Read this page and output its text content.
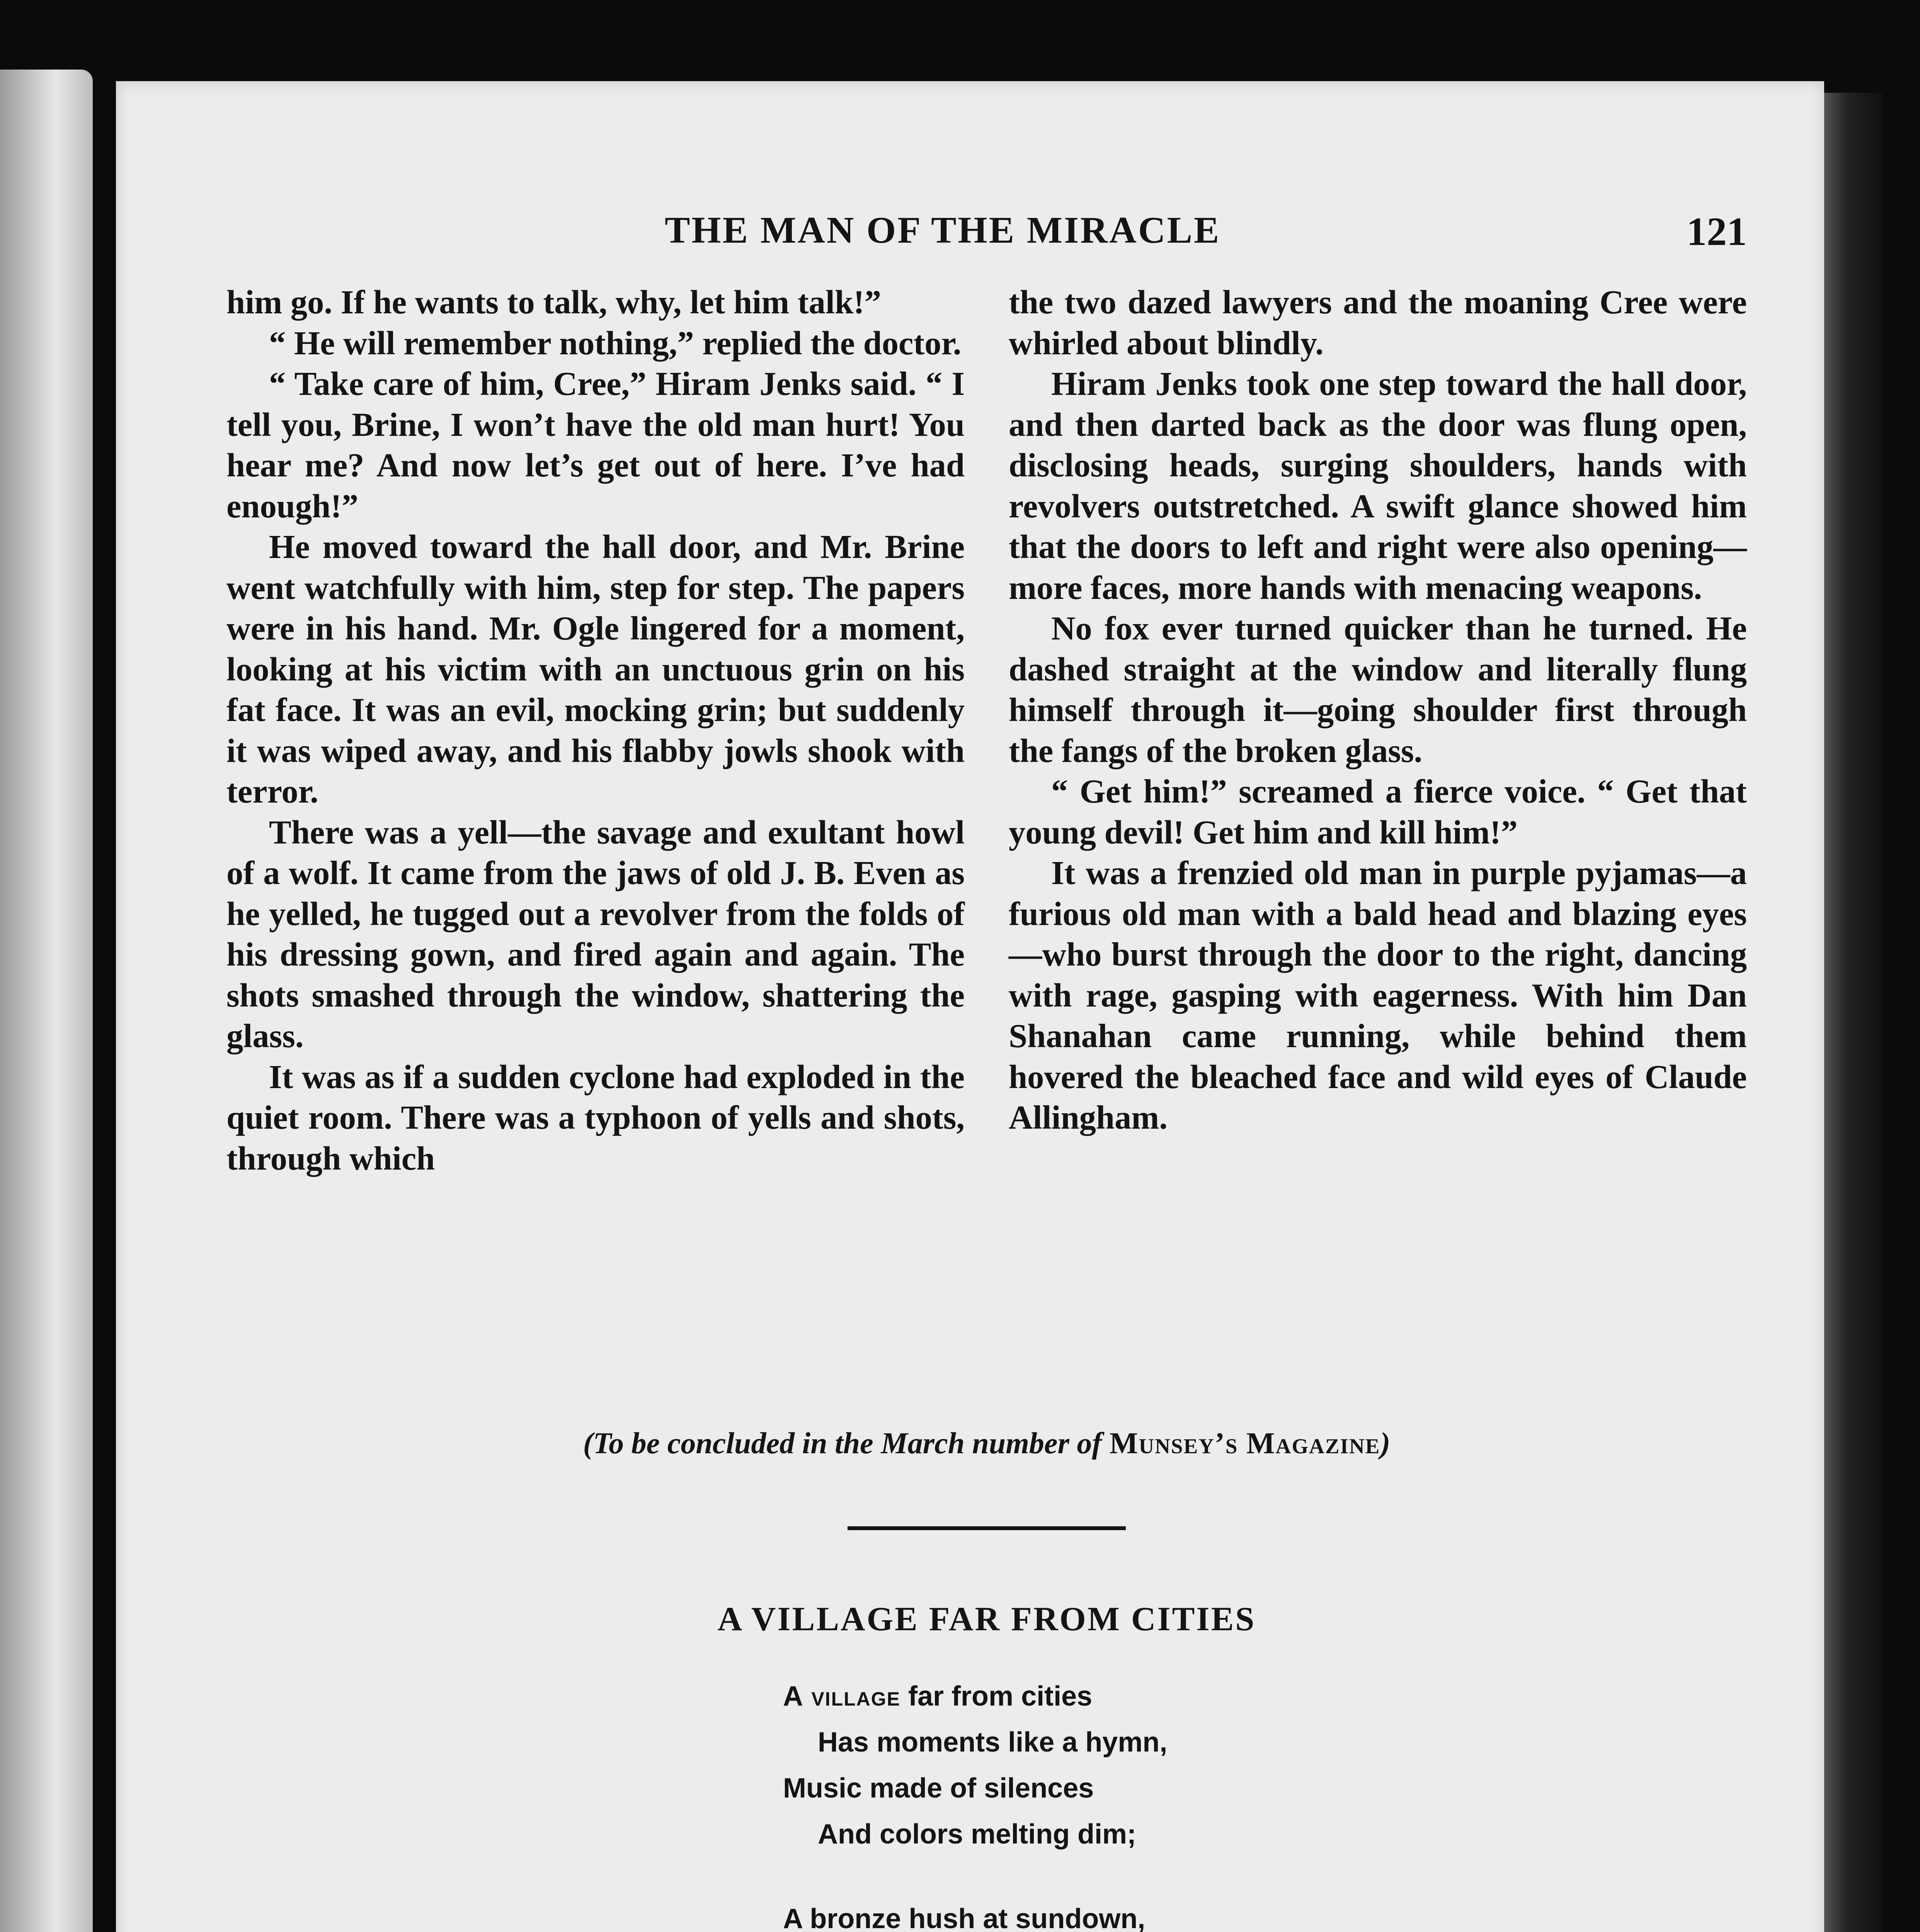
THE MAN OF THE MIRACLE	121

him go. If he wants to talk, why, let him talk!”

“ He will remember nothing,” replied the doctor.

“ Take care of him, Cree,” Hiram Jenks said. “ I tell you, Brine, I won’t have the old man hurt! You hear me? And now let’s get out of here. I’ve had enough!”

He moved toward the hall door, and Mr. Brine went watchfully with him, step for step. The papers were in his hand. Mr. Ogle lingered for a moment, looking at his victim with an unctuous grin on his fat face. It was an evil, mocking grin; but suddenly it was wiped away, and his flabby jowls shook with terror.

There was a yell—the savage and exultant howl of a wolf. It came from the jaws of old J. B. Even as he yelled, he tugged out a revolver from the folds of his dressing gown, and fired again and again. The shots smashed through the window, shattering the glass.

It was as if a sudden cyclone had exploded in the quiet room. There was a typhoon of yells and shots, through which

the two dazed lawyers and the moaning Cree were whirled about blindly.

Hiram Jenks took one step toward the hall door, and then darted back as the door was flung open, disclosing heads, surging shoulders, hands with revolvers outstretched. A swift glance showed him that the doors to left and right were also opening—more faces, more hands with menacing weapons.

No fox ever turned quicker than he turned. He dashed straight at the window and literally flung himself through it—going shoulder first through the fangs of the broken glass.

“ Get him!” screamed a fierce voice. “ Get that young devil! Get him and kill him!”

It was a frenzied old man in purple pyjamas—a furious old man with a bald head and blazing eyes—who burst through the door to the right, dancing with rage, gasping with eagerness. With him Dan Shanahan came running, while behind them hovered the bleached face and wild eyes of Claude Allingham.

(To be concluded in the March number of Munsey’s Magazine)
A VILLAGE FAR FROM CITIES
A village far from cities
Has moments like a hymn,
Music made of silences
And colors melting dim;
A bronze hush at sundown,
